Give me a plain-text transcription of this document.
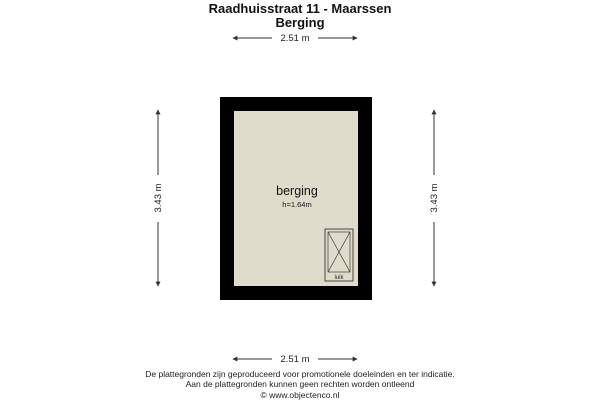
Raadhuisstraat 11 - Maarssen
Berging
2.51 m
2.51 m
3.43 m	3.43 m
berging
h=1.64m
luik
De plattegronden zijn geproduceerd voor promotionele doeleinden en ter indicatie.
Aan de plattegronden kunnen geen rechten worden ontleend
© www.objectenco.nl
